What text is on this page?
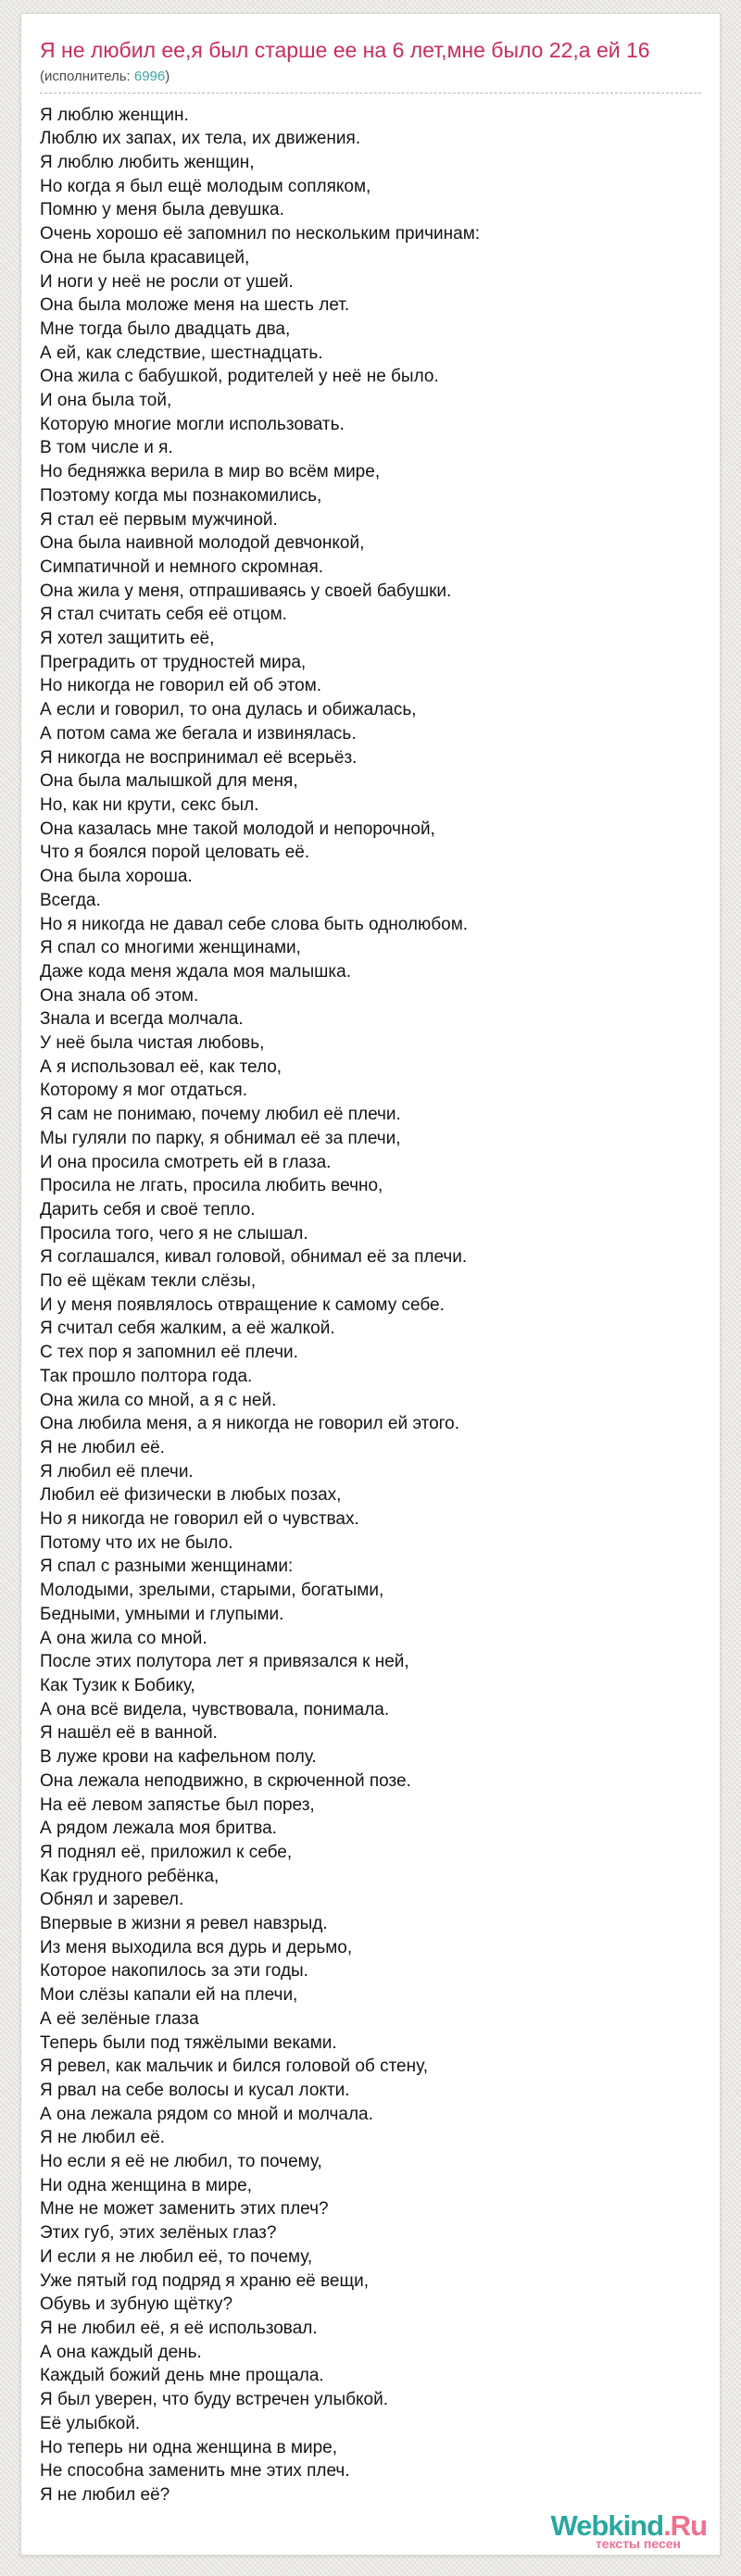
Я не любил ее,я был старше ее на 6 лет,мне было 22,а ей 16
(исполнитель: 6996)
Я люблю женщин.
Люблю их запах, их тела, их движения.
Я люблю любить женщин,
Но когда я был ещё молодым сопляком,
Помню у меня была девушка.
Очень хорошо её запомнил по нескольким причинам:
Она не была красавицей,
И ноги у неё не росли от ушей.
Она была моложе меня на шесть лет.
Мне тогда было двадцать два,
А ей, как следствие, шестнадцать.
Она жила с бабушкой, родителей у неё не было.
И она была той,
Которую многие могли использовать.
В том числе и я.
Но бедняжка верила в мир во всём мире,
Поэтому когда мы познакомились,
Я стал её первым мужчиной.
Она была наивной молодой девчонкой,
Симпатичной и немного скромная.
Она жила у меня, отпрашиваясь у своей бабушки.
Я стал считать себя её отцом.
Я хотел защитить её,
Преградить от трудностей мира,
Но никогда не говорил ей об этом.
А если и говорил, то она дулась и обижалась,
А потом сама же бегала и извинялась.
Я никогда не воспринимал её всерьёз.
Она была малышкой для меня,
Но, как ни крути, секс был.
Она казалась мне такой молодой и непорочной,
Что я боялся порой целовать её.
Она была хороша.
Всегда.
Но я никогда не давал себе слова быть однолюбом.
Я спал со многими женщинами,
Даже кода меня ждала моя малышка.
Она знала об этом.
Знала и всегда молчала.
У неё была чистая любовь,
А я использовал её, как тело,
Которому я мог отдаться.
Я сам не понимаю, почему любил её плечи.
Мы гуляли по парку, я обнимал её за плечи,
И она просила смотреть ей в глаза.
Просила не лгать, просила любить вечно,
Дарить себя и своё тепло.
Просила того, чего я не слышал.
Я соглашался, кивал головой, обнимал её за плечи.
По её щёкам текли слёзы,
И у меня появлялось отвращение к самому себе.
Я считал себя жалким, а её жалкой.
С тех пор я запомнил её плечи.
Так прошло полтора года.
Она жила со мной, а я с ней.
Она любила меня, а я никогда не говорил ей этого.
Я не любил её.
Я любил её плечи.
Любил её физически в любых позах,
Но я никогда не говорил ей о чувствах.
Потому что их не было.
Я спал с разными женщинами:
Молодыми, зрелыми, старыми, богатыми,
Бедными, умными и глупыми.
А она жила со мной.
После этих полутора лет я привязался к ней,
Как Тузик к Бобику,
А она всё видела, чувствовала, понимала.
Я нашёл её в ванной.
В луже крови на кафельном полу.
Она лежала неподвижно, в скрюченной позе.
На её левом запястье был порез,
А рядом лежала моя бритва.
Я поднял её, приложил к себе,
Как грудного ребёнка,
Обнял и заревел.
Впервые в жизни я ревел навзрыд.
Из меня выходила вся дурь и дерьмо,
Которое накопилось за эти годы.
Мои слёзы капали ей на плечи,
А её зелёные глаза
Теперь были под тяжёлыми веками.
Я ревел, как мальчик и бился головой об стену,
Я рвал на себе волосы и кусал локти.
А она лежала рядом со мной и молчала.
Я не любил её.
Но если я её не любил, то почему,
Ни одна женщина в мире,
Мне не может заменить этих плеч?
Этих губ, этих зелёных глаз?
И если я не любил её, то почему,
Уже пятый год подряд я храню её вещи,
Обувь и зубную щётку?
Я не любил её, я её использовал.
А она каждый день.
Каждый божий день мне прощала.
Я был уверен, что буду встречен улыбкой.
Её улыбкой.
Но теперь ни одна женщина в мире,
Не способна заменить мне этих плеч.
Я не любил её?
Webkind.Ru
тексты песен
